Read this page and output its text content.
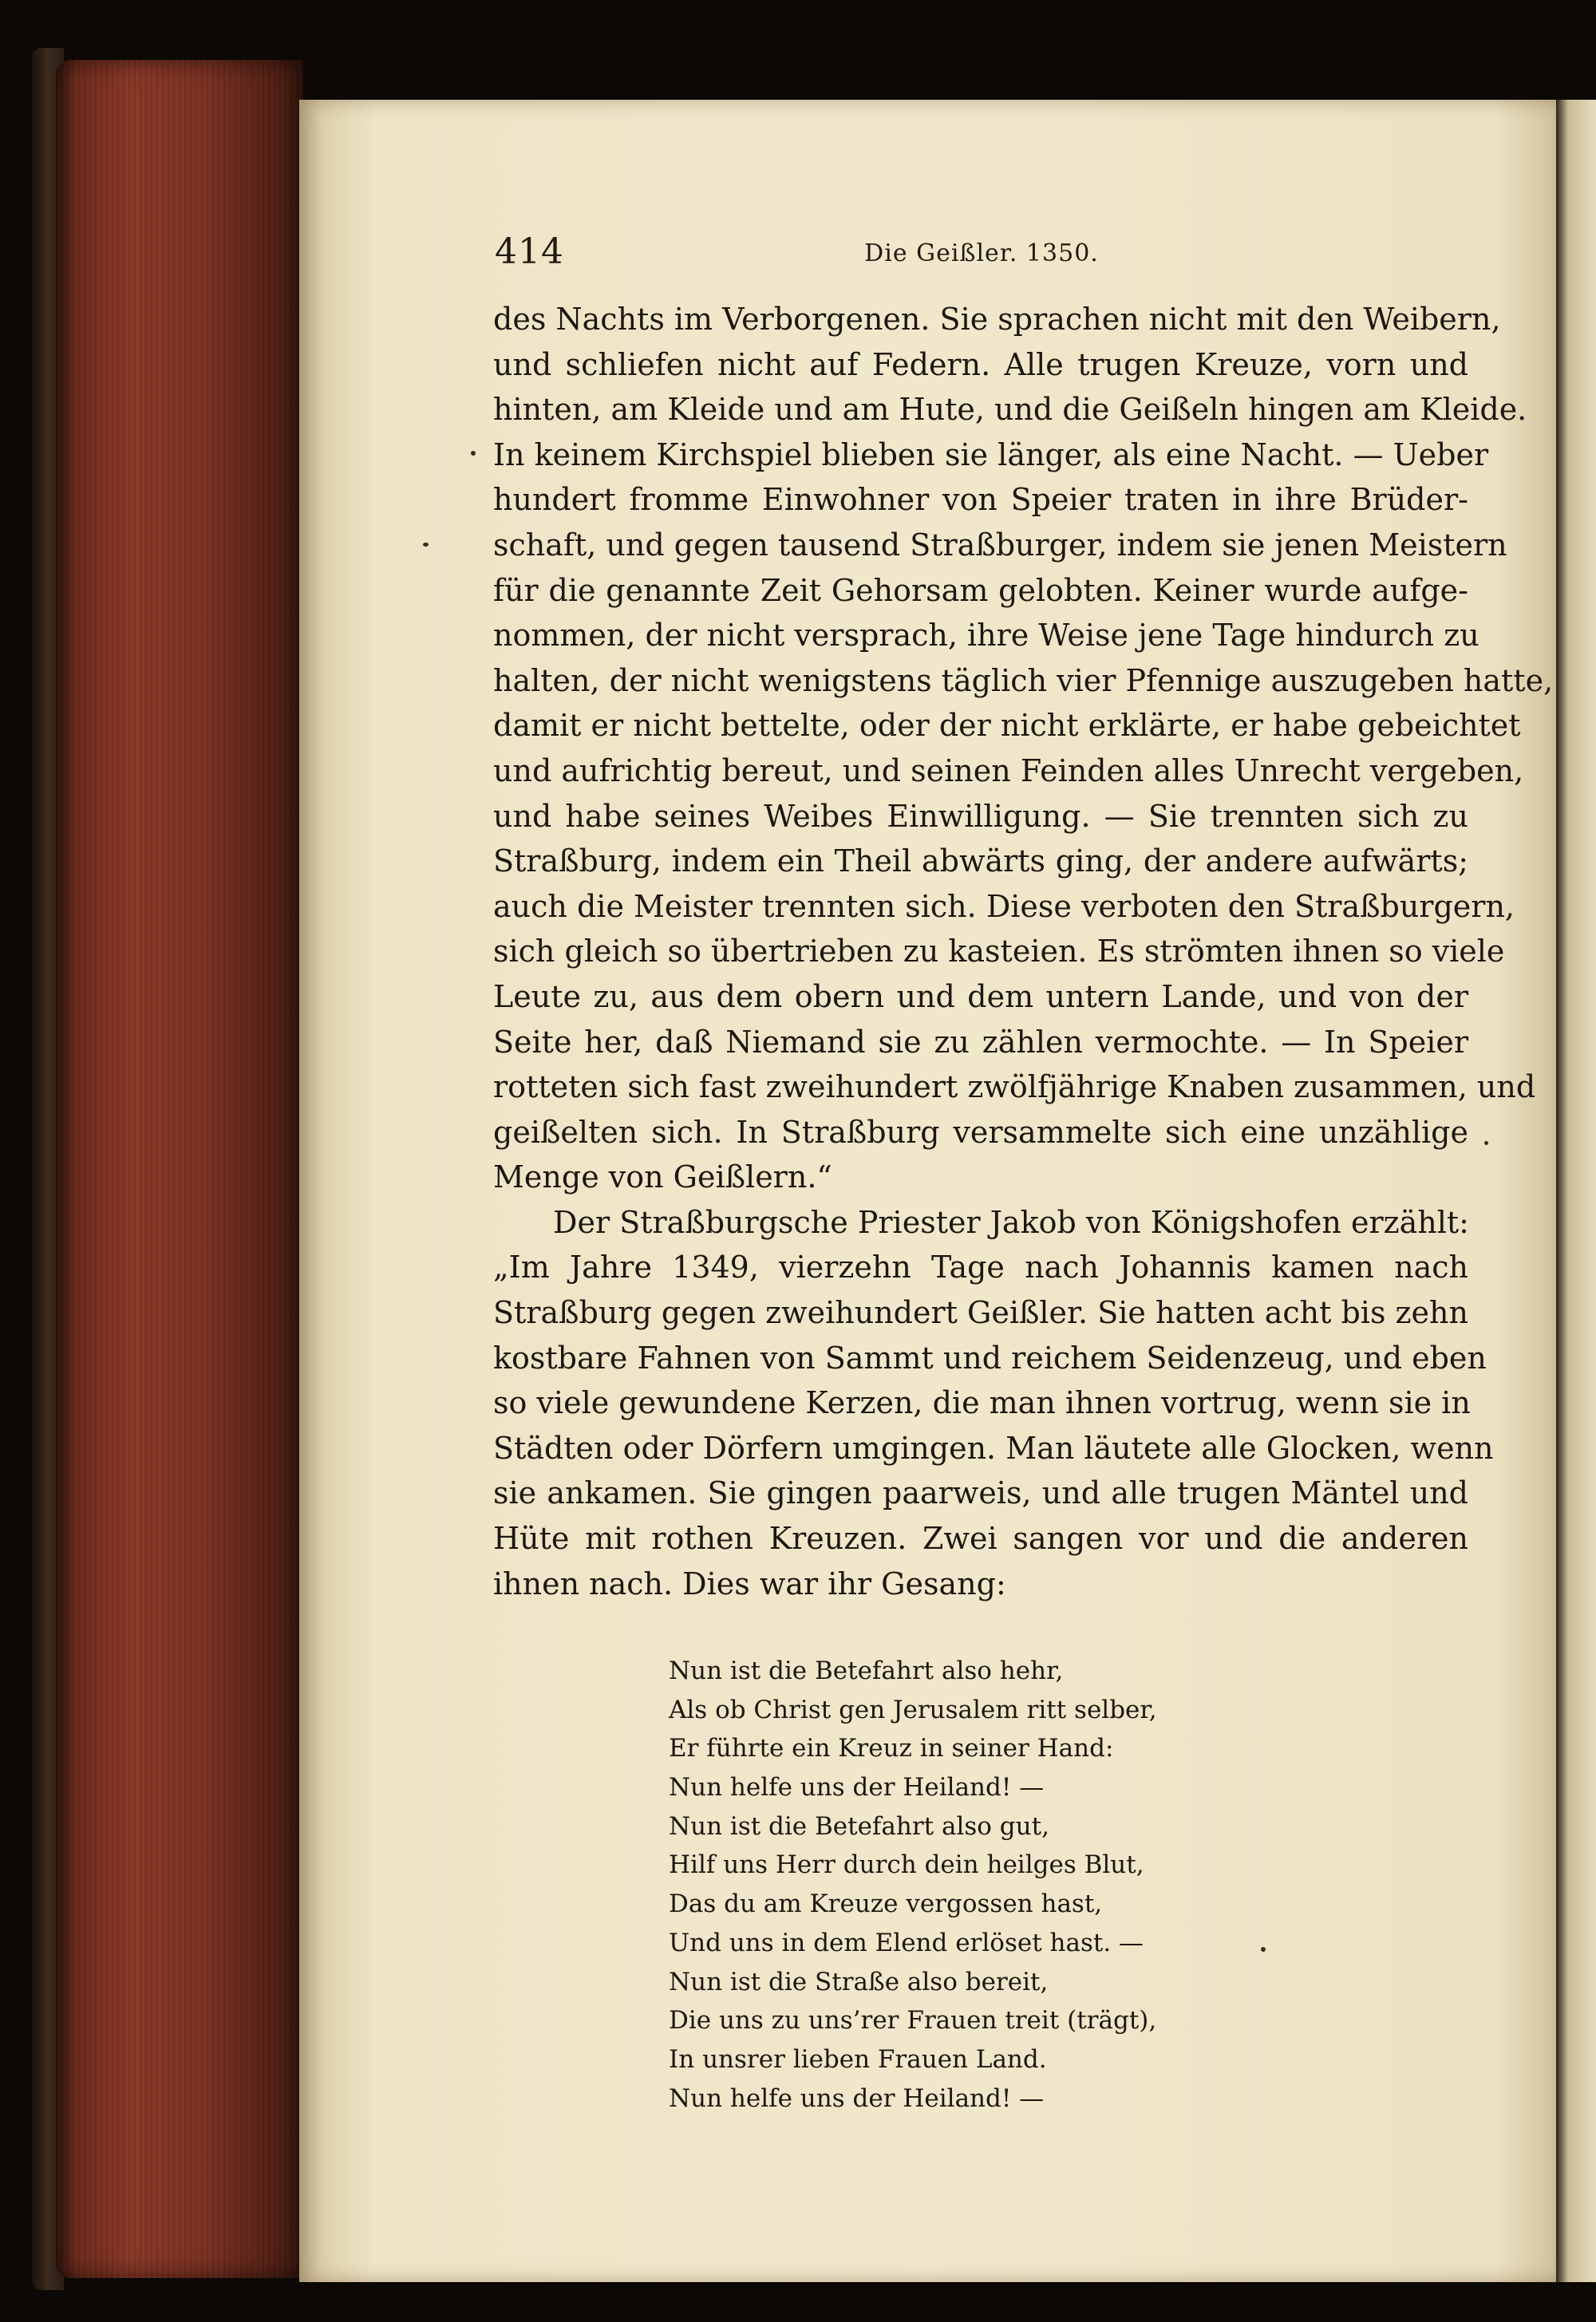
414	Die Geißler. 1350.
des Nachts im Verborgenen. Sie sprachen nicht mit den Weibern,
und schliefen nicht auf Federn. Alle trugen Kreuze, vorn und
hinten, am Kleide und am Hute, und die Geißeln hingen am Kleide.
In keinem Kirchspiel blieben sie länger, als eine Nacht. — Ueber
hundert fromme Einwohner von Speier traten in ihre Brüder-
schaft, und gegen tausend Straßburger, indem sie jenen Meistern
für die genannte Zeit Gehorsam gelobten. Keiner wurde aufge-
nommen, der nicht versprach, ihre Weise jene Tage hindurch zu
halten, der nicht wenigstens täglich vier Pfennige auszugeben hatte,
damit er nicht bettelte, oder der nicht erklärte, er habe gebeichtet
und aufrichtig bereut, und seinen Feinden alles Unrecht vergeben,
und habe seines Weibes Einwilligung. — Sie trennten sich zu
Straßburg, indem ein Theil abwärts ging, der andere aufwärts;
auch die Meister trennten sich. Diese verboten den Straßburgern,
sich gleich so übertrieben zu kasteien. Es strömten ihnen so viele
Leute zu, aus dem obern und dem untern Lande, und von der
Seite her, daß Niemand sie zu zählen vermochte. — In Speier
rotteten sich fast zweihundert zwölfjährige Knaben zusammen, und
geißelten sich. In Straßburg versammelte sich eine unzählige
Menge von Geißlern.“
Der Straßburgsche Priester Jakob von Königshofen erzählt:
„Im Jahre 1349, vierzehn Tage nach Johannis kamen nach
Straßburg gegen zweihundert Geißler. Sie hatten acht bis zehn
kostbare Fahnen von Sammt und reichem Seidenzeug, und eben
so viele gewundene Kerzen, die man ihnen vortrug, wenn sie in
Städten oder Dörfern umgingen. Man läutete alle Glocken, wenn
sie ankamen. Sie gingen paarweis, und alle trugen Mäntel und
Hüte mit rothen Kreuzen. Zwei sangen vor und die anderen
ihnen nach. Dies war ihr Gesang:
Nun ist die Betefahrt also hehr,
Als ob Christ gen Jerusalem ritt selber,
Er führte ein Kreuz in seiner Hand:
Nun helfe uns der Heiland! —
Nun ist die Betefahrt also gut,
Hilf uns Herr durch dein heilges Blut,
Das du am Kreuze vergossen hast,
Und uns in dem Elend erlöset hast. —
Nun ist die Straße also bereit,
Die uns zu uns’rer Frauen treit (trägt),
In unsrer lieben Frauen Land.
Nun helfe uns der Heiland! —
